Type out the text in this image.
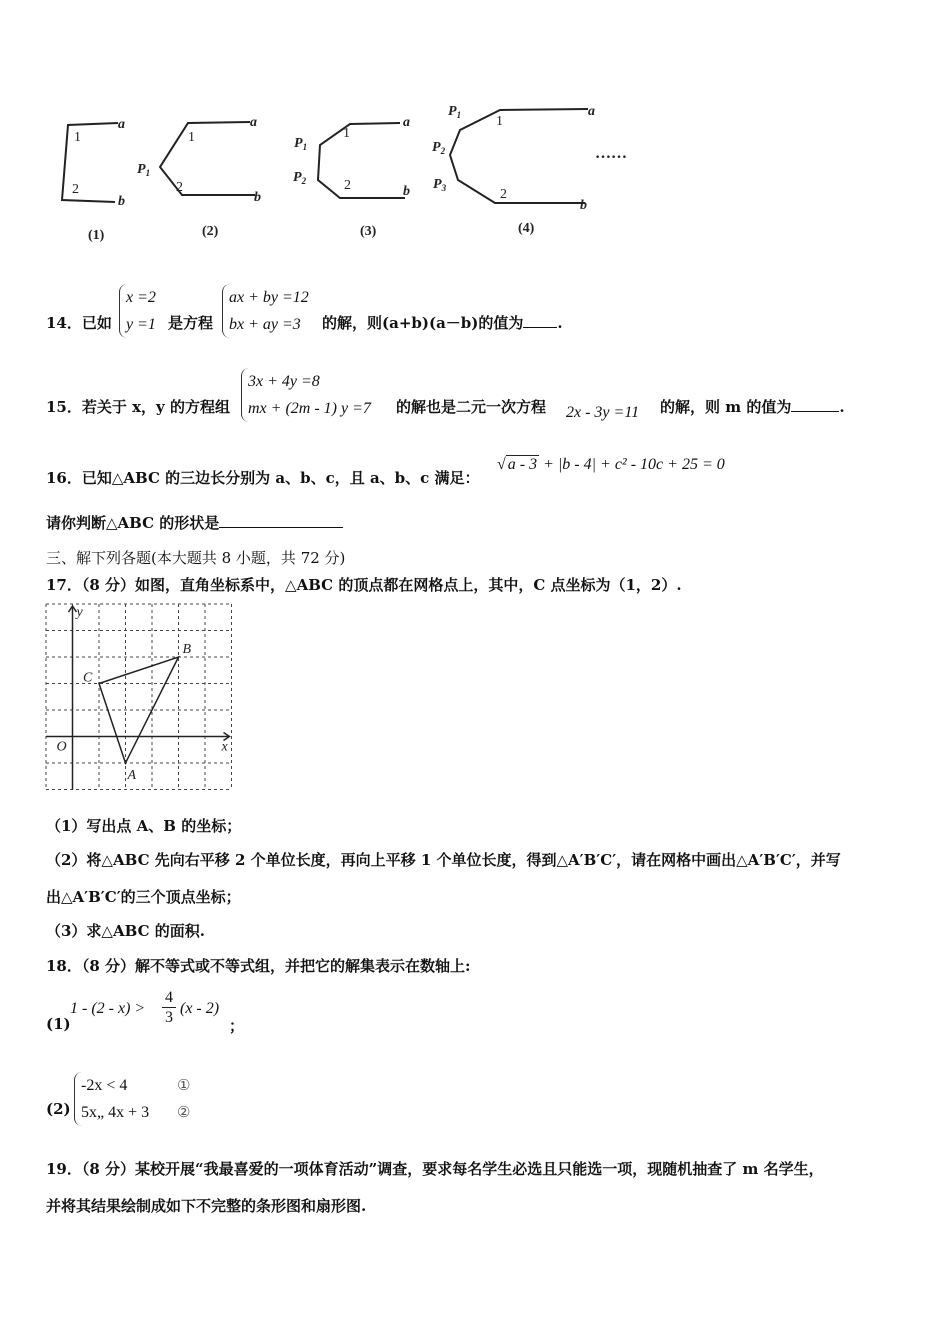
a
b
a
b
a
b
a
b
$P_1$
$P_1$
$P_2$
$P_1$
$P_2$
$P_3$
1
2
1
2
1
2
1
2
……
(1)	(2)	(3)	(4)
14．已如
x =2
y =1 是方程
ax + by =12
bx + ay =3	的解，则(a+b)(a－b)的值为 .
15．若关于 x，y 的方程组
3x + 4y =8
mx + (2m - 1) y =7 的解也是二元一次方程 2x - 3y =11 的解，则 m 的值为	.
16．已知△ABC 的三边长分别为 a、b、c，且 a、b、c 满足：
√ a - 3 + |b - 4| + c² - 10c + 25 = 0
请你判断△ABC 的形状是
三、解下列各题(本大题共 8 小题，共 72 分)
17．（8 分）如图，直角坐标系中，△ABC 的顶点都在网格点上，其中，C 点坐标为（1，2）.
A
B
C
O	x
y
（1）写出点 A、B 的坐标；
（2）将△ABC 先向右平移 2 个单位长度，再向上平移 1 个单位长度，得到△A′B′C′，请在网格中画出△A′B′C′，并写
出△A′B′C′的三个顶点坐标；
（3）求△ABC 的面积.
18．（8 分）解不等式或不等式组，并把它的解集表示在数轴上:
(1)
$1 - (2 - x) > \frac{4}{3} (x - 2)$
；
(2)
-2x < 4
5x„ 4x + 3
①
②
19．（8 分）某校开展“我最喜爱的一项体育活动”调查，要求每名学生必选且只能选一项，现随机抽查了 m 名学生，
并将其结果绘制成如下不完整的条形图和扇形图.
